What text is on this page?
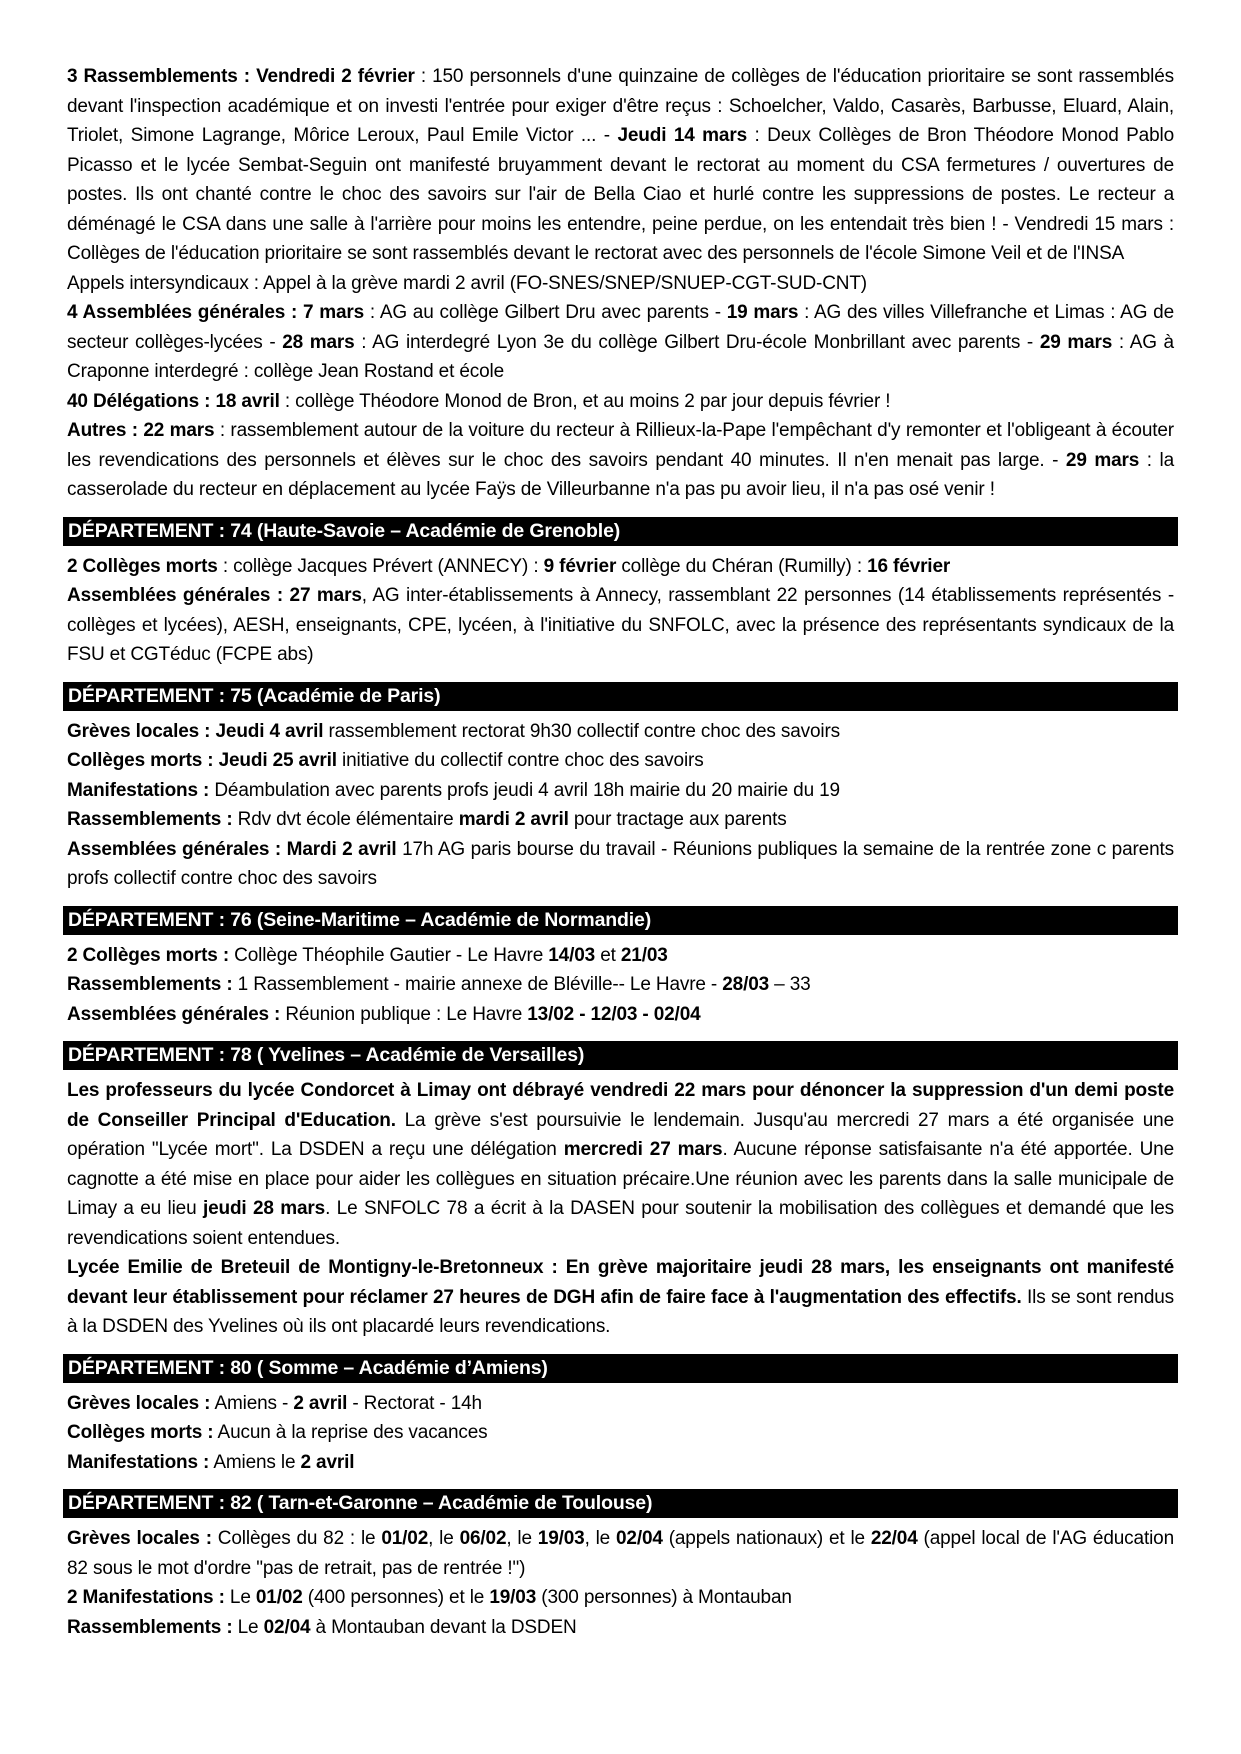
3 Rassemblements : Vendredi 2 février : 150 personnels d'une quinzaine de collèges de l'éducation prioritaire se sont rassemblés devant l'inspection académique et on investi l'entrée pour exiger d'être reçus : Schoelcher, Valdo, Casarès, Barbusse, Eluard, Alain, Triolet, Simone Lagrange, Môrice Leroux, Paul Emile Victor ... - Jeudi 14 mars : Deux Collèges de Bron Théodore Monod Pablo Picasso et le lycée Sembat-Seguin ont manifesté bruyamment devant le rectorat au moment du CSA fermetures / ouvertures de postes. Ils ont chanté contre le choc des savoirs sur l'air de Bella Ciao et hurlé contre les suppressions de postes. Le recteur a déménagé le CSA dans une salle à l'arrière pour moins les entendre, peine perdue, on les entendait très bien ! - Vendredi 15 mars : Collèges de l'éducation prioritaire se sont rassemblés devant le rectorat avec des personnels de l'école Simone Veil et de l'INSA

Appels intersyndicaux : Appel à la grève mardi 2 avril (FO-SNES/SNEP/SNUEP-CGT-SUD-CNT)

4 Assemblées générales : 7 mars : AG au collège Gilbert Dru avec parents - 19 mars : AG des villes Villefranche et Limas : AG de secteur collèges-lycées - 28 mars : AG interdegré Lyon 3e du collège Gilbert Dru-école Monbrillant avec parents - 29 mars : AG à Craponne interdegré : collège Jean Rostand et école

40 Délégations : 18 avril : collège Théodore Monod de Bron, et au moins 2 par jour depuis février !

Autres : 22 mars : rassemblement autour de la voiture du recteur à Rillieux-la-Pape l'empêchant d'y remonter et l'obligeant à écouter les revendications des personnels et élèves sur le choc des savoirs pendant 40 minutes. Il n'en menait pas large. - 29 mars : la casserolade du recteur en déplacement au lycée Faÿs de Villeurbanne n'a pas pu avoir lieu, il n'a pas osé venir !

DÉPARTEMENT : 74 (Haute-Savoie – Académie de Grenoble)

2 Collèges morts : collège Jacques Prévert (ANNECY) : 9 février collège du Chéran (Rumilly) : 16 février

Assemblées générales : 27 mars, AG inter-établissements à Annecy, rassemblant 22 personnes (14 établissements représentés - collèges et lycées), AESH, enseignants, CPE, lycéen, à l'initiative du SNFOLC, avec la présence des représentants syndicaux de la FSU et CGTéduc (FCPE abs)

DÉPARTEMENT : 75 (Académie de Paris)

Grèves locales : Jeudi 4 avril rassemblement rectorat 9h30 collectif contre choc des savoirs

Collèges morts : Jeudi 25 avril initiative du collectif contre choc des savoirs

Manifestations : Déambulation avec parents profs jeudi 4 avril 18h mairie du 20 mairie du 19

Rassemblements : Rdv dvt école élémentaire mardi 2 avril pour tractage aux parents

Assemblées générales : Mardi 2 avril 17h AG paris bourse du travail - Réunions publiques la semaine de la rentrée zone c parents profs collectif contre choc des savoirs

DÉPARTEMENT : 76 (Seine-Maritime – Académie de Normandie)

2 Collèges morts : Collège Théophile Gautier - Le Havre 14/03 et 21/03

Rassemblements : 1 Rassemblement - mairie annexe de Bléville-- Le Havre - 28/03 – 33

Assemblées générales : Réunion publique : Le Havre 13/02 - 12/03 - 02/04

DÉPARTEMENT : 78 ( Yvelines – Académie de Versailles)

Les professeurs du lycée Condorcet à Limay ont débrayé vendredi 22 mars pour dénoncer la suppression d'un demi poste de Conseiller Principal d'Education. La grève s'est poursuivie le lendemain. Jusqu'au mercredi 27 mars a été organisée une opération "Lycée mort". La DSDEN a reçu une délégation mercredi 27 mars. Aucune réponse satisfaisante n'a été apportée. Une cagnotte a été mise en place pour aider les collègues en situation précaire.Une réunion avec les parents dans la salle municipale de Limay a eu lieu jeudi 28 mars. Le SNFOLC 78 a écrit à la DASEN pour soutenir la mobilisation des collègues et demandé que les revendications soient entendues.

Lycée Emilie de Breteuil de Montigny-le-Bretonneux : En grève majoritaire jeudi 28 mars, les enseignants ont manifesté devant leur établissement pour réclamer 27 heures de DGH afin de faire face à l'augmentation des effectifs. Ils se sont rendus à la DSDEN des Yvelines où ils ont placardé leurs revendications.

DÉPARTEMENT : 80 ( Somme – Académie d’Amiens)

Grèves locales : Amiens - 2 avril - Rectorat - 14h

Collèges morts : Aucun à la reprise des vacances

Manifestations : Amiens le 2 avril

DÉPARTEMENT : 82 ( Tarn-et-Garonne – Académie de Toulouse)

Grèves locales : Collèges du 82 : le 01/02, le 06/02, le 19/03, le 02/04 (appels nationaux) et le 22/04 (appel local de l'AG éducation 82 sous le mot d'ordre "pas de retrait, pas de rentrée !")

2 Manifestations : Le 01/02 (400 personnes) et le 19/03 (300 personnes) à Montauban

Rassemblements : Le 02/04 à Montauban devant la DSDEN
